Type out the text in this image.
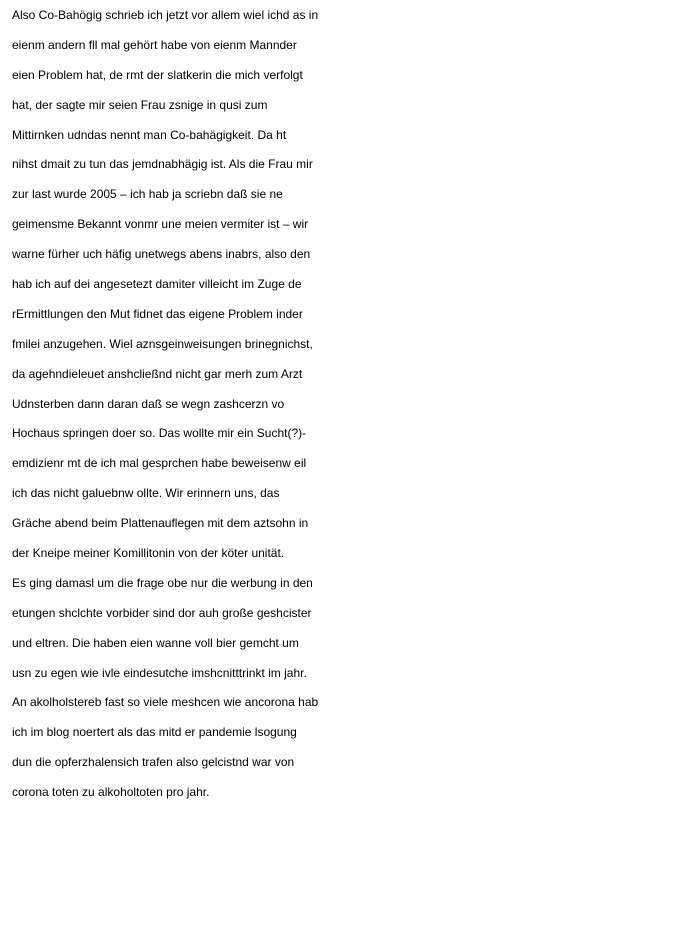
Also Co-Bahögig schrieb ich jetzt vor allem wiel ichd as in
eienm andern fll mal gehört habe von eienm Mannder
eien Problem hat, de rmt der slatkerin die mich verfolgt
hat, der sagte mir seien Frau zsnige in qusi zum
Mittirnken udndas nennt man Co-bahägigkeit. Da ht
nihst dmait zu tun das jemdnabhägig ist. Als die Frau mir
zur last wurde 2005 – ich hab ja scriebn daß sie ne
geimensme Bekannt vonmr une meien vermiter ist – wir
warne fürher uch häfig unetwegs abens inabrs, also den
hab ich auf dei angesetezt damiter villeicht im Zuge de
rErmittlungen den Mut fidnet das eigene Problem inder
fmilei anzugehen. Wiel aznsgeinweisungen brinegnichst,
da agehndieleuet anshcließnd nicht gar merh zum Arzt
Udnsterben dann daran daß se wegn zashcerzn vo
Hochaus springen doer so. Das wollte mir ein Sucht(?)-
emdizienr mt de ich mal gesprchen habe beweisenw eil
ich das nicht galuebnw ollte. Wir erinnern uns, das
Gräche abend beim Plattenauflegen mit dem aztsohn in
der Kneipe meiner Komillitonin von der köter unität.
Es ging damasl um die frage obe nur die werbung in den
etungen shclchte vorbider sind dor auh große geshcister
und eltren. Die haben eien wanne voll bier gemcht um
usn zu egen wie ivle eindesutche imshcnitttrinkt im jahr.
An akolholstereb fast so viele meshcen wie ancorona hab
ich im blog noertert als das mitd er pandemie lsogung
dun die opferzhalensich trafen also gelcistnd war von
corona toten zu alkoholtoten pro jahr.
